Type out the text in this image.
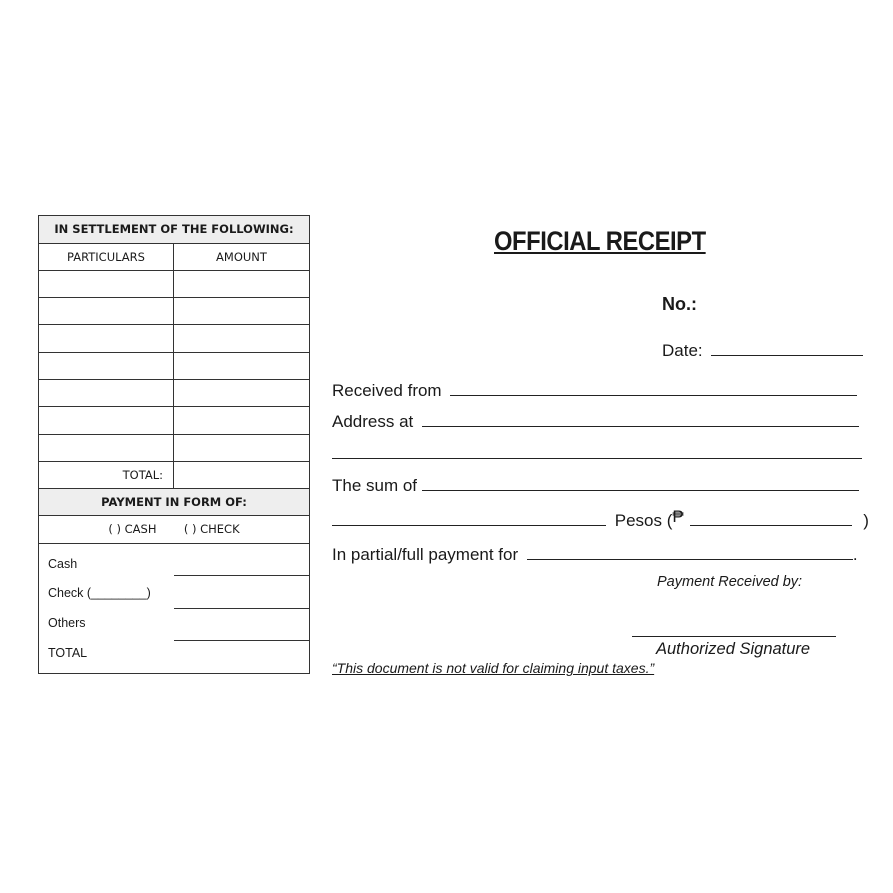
IN SETTLEMENT OF THE FOLLOWING:
PARTICULARS	AMOUNT
TOTAL:
PAYMENT IN FORM OF:
( ) CASH ( ) CHECK
Cash
Check (________)
Others
TOTAL
OFFICIAL RECEIPT
No.:
Date:
Received from
Address at
The sum of
Pesos (₱	)
In partial/full payment for	.
Payment Received by:
Authorized Signature
“This document is not valid for claiming input taxes.”
